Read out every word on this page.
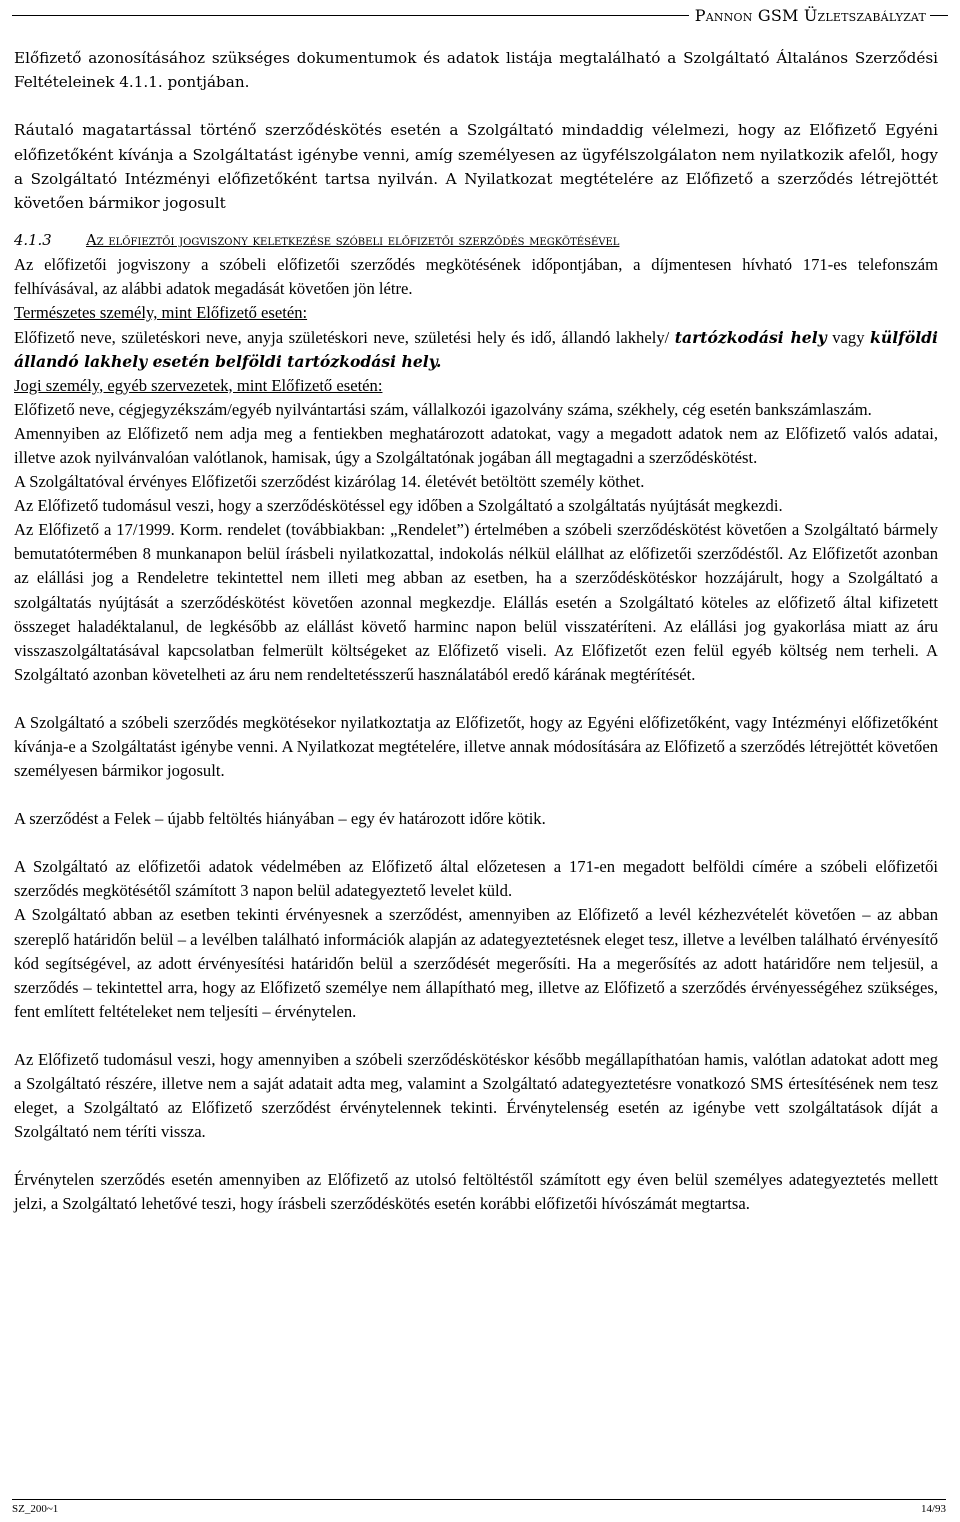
Pannon GSM Üzletszabályzat

Előfizető azonosításához szükséges dokumentumok és adatok listája megtalálható a Szolgáltató Általános Szerződési Feltételeinek 4.1.1. pontjában.

Ráutaló magatartással történő szerződéskötés esetén a Szolgáltató mindaddig vélelmezi, hogy az Előfizető Egyéni előfizetőként kívánja a Szolgáltatást igénybe venni, amíg személyesen az ügyfélszolgálaton nem nyilatkozik afelől, hogy a Szolgáltató Intézményi előfizetőként tartsa nyilván. A Nyilatkozat megtételére az Előfizető a szerződés létrejöttét követően bármikor jogosult

4.1.3	Az előfieztői jogviszony keletkezése szóbeli előfizetői szerződés megkötésével

Az előfizetői jogviszony a szóbeli előfizetői szerződés megkötésének időpontjában, a díjmentesen hívható 171-es telefonszám felhívásával, az alábbi adatok megadását követően jön létre.

Természetes személy, mint Előfizető esetén:

Előfizető neve, születéskori neve, anyja születéskori neve, születési hely és idő, állandó lakhely/ tartózkodási hely vagy külföldi állandó lakhely esetén belföldi tartózkodási hely.

Jogi személy, egyéb szervezetek, mint Előfizető esetén:

Előfizető neve, cégjegyzékszám/egyéb nyilvántartási szám, vállalkozói igazolvány száma, székhely, cég esetén bankszámlaszám.

Amennyiben az Előfizető nem adja meg a fentiekben meghatározott adatokat, vagy a megadott adatok nem az Előfizető valós adatai, illetve azok nyilvánvalóan valótlanok, hamisak, úgy a Szolgáltatónak jogában áll megtagadni a szerződéskötést.

A Szolgáltatóval érvényes Előfizetői szerződést kizárólag 14. életévét betöltött személy köthet.

Az Előfizető tudomásul veszi, hogy a szerződéskötéssel egy időben a Szolgáltató a szolgáltatás nyújtását megkezdi.

Az Előfizető a 17/1999. Korm. rendelet (továbbiakban: „Rendelet”) értelmében a szóbeli szerződéskötést követően a Szolgáltató bármely bemutatótermében 8 munkanapon belül írásbeli nyilatkozattal, indokolás nélkül elállhat az előfizetői szerződéstől. Az Előfizetőt azonban az elállási jog a Rendeletre tekintettel nem illeti meg abban az esetben, ha a szerződéskötéskor hozzájárult, hogy a Szolgáltató a szolgáltatás nyújtását a szerződéskötést követően azonnal megkezdje. Elállás esetén a Szolgáltató köteles az előfizető által kifizetett összeget haladéktalanul, de legkésőbb az elállást követő harminc napon belül visszatéríteni. Az elállási jog gyakorlása miatt az áru visszaszolgáltatásával kapcsolatban felmerült költségeket az Előfizető viseli. Az Előfizetőt ezen felül egyéb költség nem terheli. A Szolgáltató azonban követelheti az áru nem rendeltetésszerű használatából eredő kárának megtérítését.

A Szolgáltató a szóbeli szerződés megkötésekor nyilatkoztatja az Előfizetőt, hogy az Egyéni előfizetőként, vagy Intézményi előfizetőként kívánja-e a Szolgáltatást igénybe venni. A Nyilatkozat megtételére, illetve annak módosítására az Előfizető a szerződés létrejöttét követően személyesen bármikor jogosult.

A szerződést a Felek – újabb feltöltés hiányában – egy év határozott időre kötik.

A Szolgáltató az előfizetői adatok védelmében az Előfizető által előzetesen a 171-en megadott belföldi címére a szóbeli előfizetői szerződés megkötésétől számított 3 napon belül adategyeztető levelet küld.

A Szolgáltató abban az esetben tekinti érvényesnek a szerződést, amennyiben az Előfizető a levél kézhezvételét követően – az abban szereplő határidőn belül – a levélben található információk alapján az adategyeztetésnek eleget tesz, illetve a levélben található érvényesítő kód segítségével, az adott érvényesítési határidőn belül a szerződését megerősíti. Ha a megerősítés az adott határidőre nem teljesül, a szerződés – tekintettel arra, hogy az Előfizető személye nem állapítható meg, illetve az Előfizető a szerződés érvényességéhez szükséges, fent említett feltételeket nem teljesíti – érvénytelen.

Az Előfizető tudomásul veszi, hogy amennyiben a szóbeli szerződéskötéskor később megállapíthatóan hamis, valótlan adatokat adott meg a Szolgáltató részére, illetve nem a saját adatait adta meg, valamint a Szolgáltató adategyeztetésre vonatkozó SMS értesítésének nem tesz eleget, a Szolgáltató az Előfizető szerződést érvénytelennek tekinti. Érvénytelenség esetén az igénybe vett szolgáltatások díját a Szolgáltató nem téríti vissza.

Érvénytelen szerződés esetén amennyiben az Előfizető az utolsó feltöltéstől számított egy éven belül személyes adategyeztetés mellett jelzi, a Szolgáltató lehetővé teszi, hogy írásbeli szerződéskötés esetén korábbi előfizetői hívószámát megtartsa.

SZ_200~1	14/93
